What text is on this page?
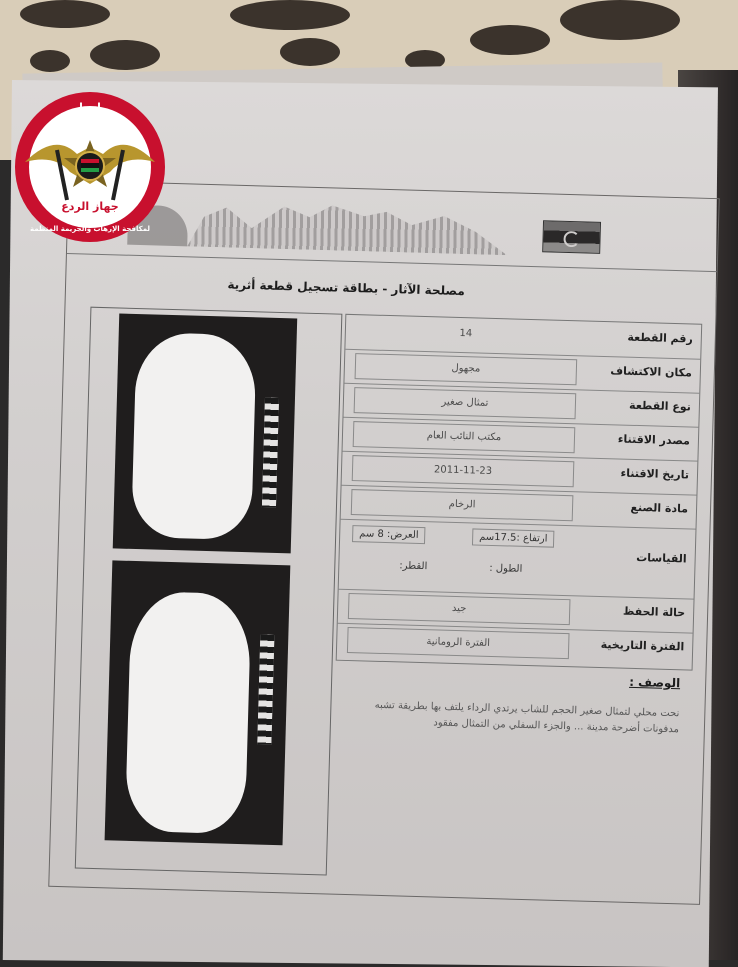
مصلحة الآثار - بطاقة تسجيل قطعة أثرية
رقم القطعة
14
مكان الاكتشاف
مجهول
نوع القطعة
تمثال صغير
مصدر الاقتناء
مكتب النائب العام
تاريخ الاقتناء
2011-11-23
مادة الصنع
الرخام
القياسات
ارتفاع :17.5سم
العرض: 8 سم
الطول :
القطر:
حالة الحفظ
جيد
الفترة التاريخية
الفترة الرومانية
الوصف :
نحت محلي لتمثال صغير الحجم للشاب يرتدي الرداء يلتف بها بطريقة تشبه مدفونات أضرحة مدينة ... والجزء السفلي من التمثال مفقود
ليبيا
جهاز الردع
لمكافحة الإرهاب والجريمة المنظمة
